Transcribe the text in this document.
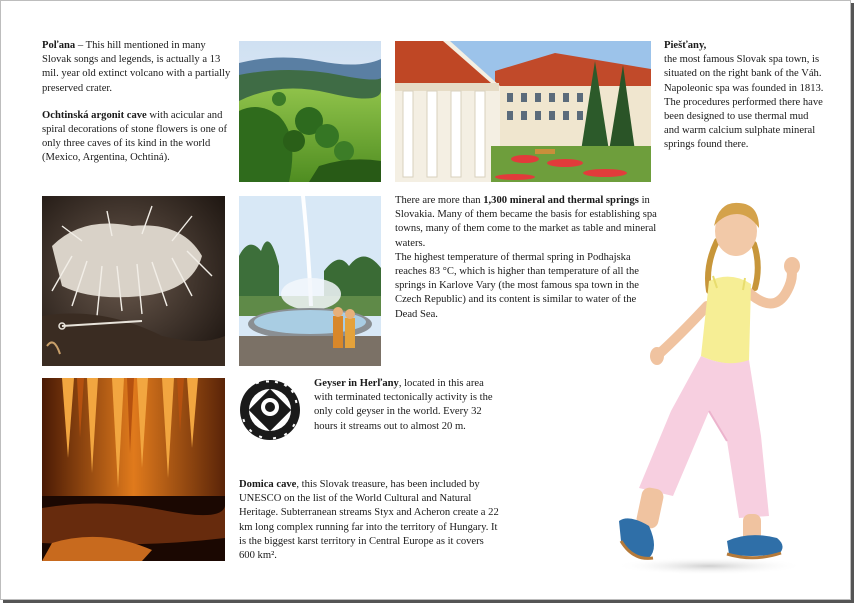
Poľana – This hill mentioned in many Slovak songs and legends, is actually a 13 mil. year old extinct volcano with a partially preserved crater.

Ochtinská argonit cave with acicular and spiral decorations of stone flowers is one of only three caves of its kind in the world (Mexico, Argentina, Ochtiná).

Piešťany,
the most famous Slovak spa town, is situated on the right bank of the Váh. Napoleonic spa was founded in 1813. The procedures performed there have been designed to use thermal mud and warm calcium sulphate mineral springs found there.

There are more than 1,300 mineral and thermal springs in Slovakia. Many of them became the basis for establishing spa towns, many of them come to the market as table and mineral waters.

The highest temperature of thermal spring in Podhajska reaches 83 °C, which is higher than temperature of all the springs in Karlove Vary (the most famous spa town in the Czech Republic) and its content is similar to water of the Dead Sea.

Geyser in Herľany, located in this area with terminated tectonically activity is the only cold geyser in the world. Every 32 hours it streams out to almost 20 m.

Domica cave, this Slovak treasure, has been included by UNESCO on the list of the World Cultural and Natural Heritage. Subterranean streams Styx and Acheron create a 22 km long complex running far into the territory of Hungary. It is the biggest karst territory in Central Europe as it covers 600 km².
